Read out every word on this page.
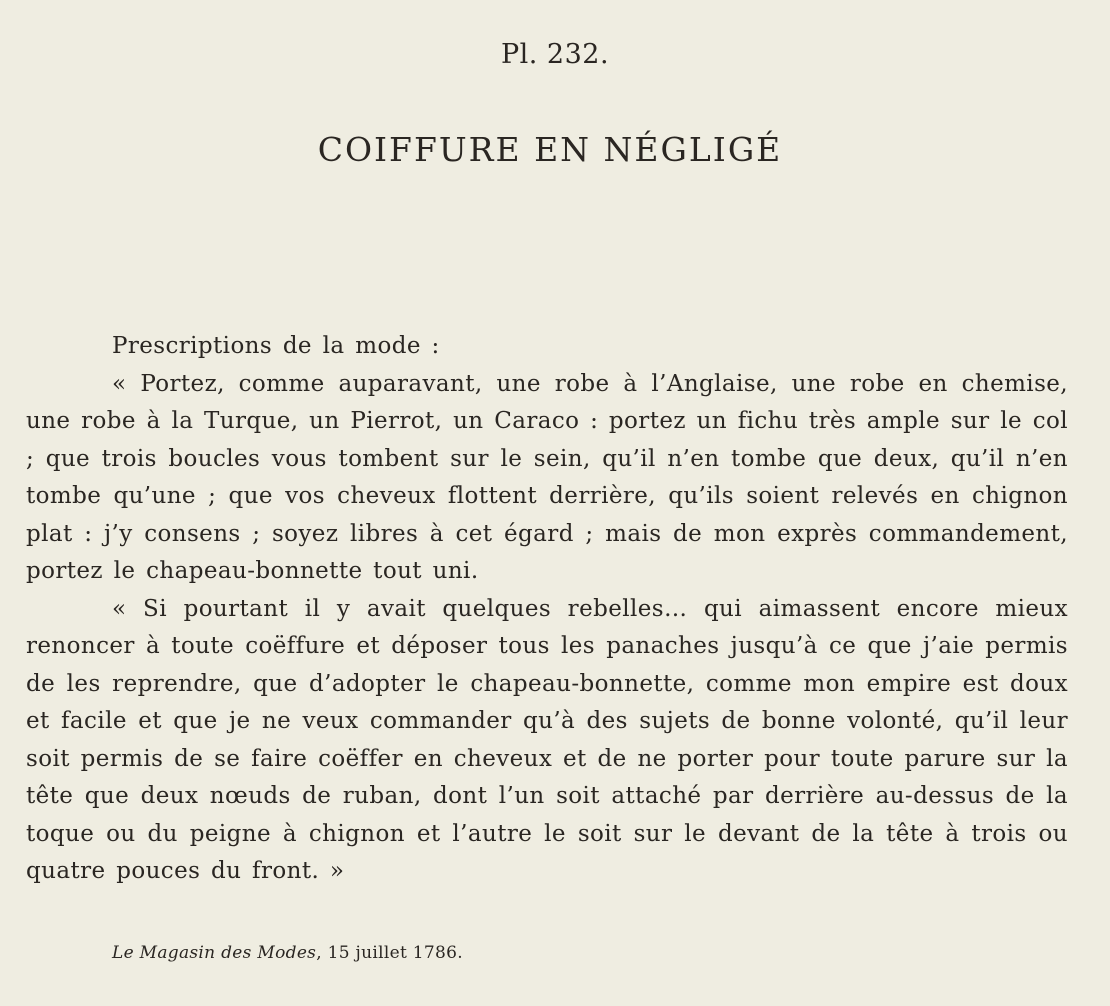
Pl. 232.
COIFFURE EN NÉGLIGÉ

Prescriptions de la mode :

« Portez, comme auparavant, une robe à l’Anglaise, une robe en chemise, une robe à la Turque, un Pierrot, un Caraco : portez un fichu très ample sur le col ; que trois boucles vous tombent sur le sein, qu’il n’en tombe que deux, qu’il n’en tombe qu’une ; que vos cheveux flottent derrière, qu’ils soient relevés en chignon plat : j’y consens ; soyez libres à cet égard ; mais de mon exprès commandement, portez le chapeau-bonnette tout uni.

« Si pourtant il y avait quelques rebelles… qui aimassent encore mieux renoncer à toute coëffure et déposer tous les panaches jusqu’à ce que j’aie permis de les reprendre, que d’adopter le chapeau-bonnette, comme mon empire est doux et facile et que je ne veux commander qu’à des sujets de bonne volonté, qu’il leur soit permis de se faire coëffer en cheveux et de ne porter pour toute parure sur la tête que deux nœuds de ruban, dont l’un soit attaché par derrière au-dessus de la toque ou du peigne à chignon et l’autre le soit sur le devant de la tête à trois ou quatre pouces du front. »

Le Magasin des Modes, 15 juillet 1786.
